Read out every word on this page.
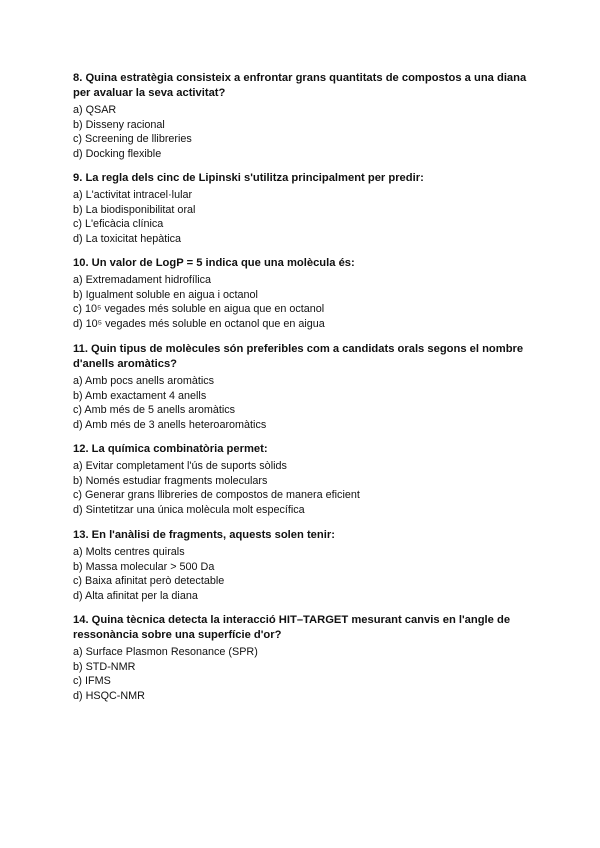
8. Quina estratègia consisteix a enfrontar grans quantitats de compostos a una diana per avaluar la seva activitat?

a) QSAR

b) Disseny racional

c) Screening de llibreries

d) Docking flexible

9. La regla dels cinc de Lipinski s'utilitza principalment per predir:

a) L'activitat intracel·lular

b) La biodisponibilitat oral

c) L'eficàcia clínica

d) La toxicitat hepàtica

10. Un valor de LogP = 5 indica que una molècula és:

a) Extremadament hidrofílica

b) Igualment soluble en aigua i octanol

c) 10⁵ vegades més soluble en aigua que en octanol

d) 10⁵ vegades més soluble en octanol que en aigua

11. Quin tipus de molècules són preferibles com a candidats orals segons el nombre d'anells aromàtics?

a) Amb pocs anells aromàtics

b) Amb exactament 4 anells

c) Amb més de 5 anells aromàtics

d) Amb més de 3 anells heteroaromàtics

12. La química combinatòria permet:

a) Evitar completament l'ús de suports sòlids

b) Només estudiar fragments moleculars

c) Generar grans llibreries de compostos de manera eficient

d) Sintetitzar una única molècula molt específica

13. En l'anàlisi de fragments, aquests solen tenir:

a) Molts centres quirals

b) Massa molecular > 500 Da

c) Baixa afinitat però detectable

d) Alta afinitat per la diana

14. Quina tècnica detecta la interacció HIT–TARGET mesurant canvis en l'angle de ressonància sobre una superfície d'or?

a) Surface Plasmon Resonance (SPR)

b) STD-NMR

c) IFMS

d) HSQC-NMR
